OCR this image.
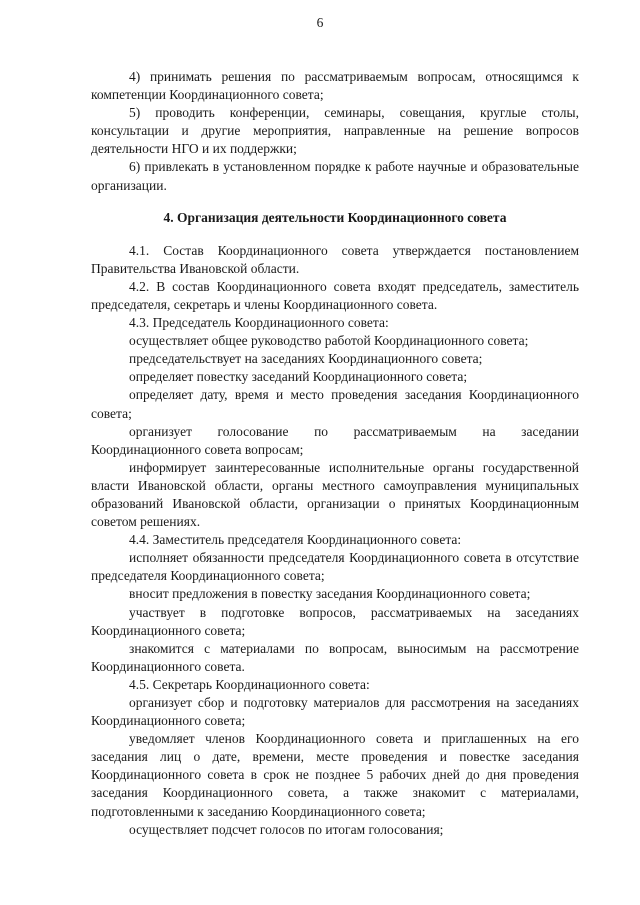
6

4) принимать решения по рассматриваемым вопросам, относящимся к компетенции Координационного совета;

5) проводить конференции, семинары, совещания, круглые столы, консультации и другие мероприятия, направленные на решение вопросов деятельности НГО и их поддержки;

6) привлекать в установленном порядке к работе научные и образовательные организации.

4. Организация деятельности Координационного совета

4.1. Состав Координационного совета утверждается постановлением Правительства Ивановской области.

4.2. В состав Координационного совета входят председатель, заместитель председателя, секретарь и члены Координационного совета.

4.3. Председатель Координационного совета:

осуществляет общее руководство работой Координационного совета;

председательствует на заседаниях Координационного совета;

определяет повестку заседаний Координационного совета;

определяет дату, время и место проведения заседания Координационного совета;

организует голосование по рассматриваемым на заседании Координационного совета вопросам;

информирует заинтересованные исполнительные органы государственной власти Ивановской области, органы местного самоуправления муниципальных образований Ивановской области, организации о принятых Координационным советом решениях.

4.4. Заместитель председателя Координационного совета:

исполняет обязанности председателя Координационного совета в отсутствие председателя Координационного совета;

вносит предложения в повестку заседания Координационного совета;

участвует в подготовке вопросов, рассматриваемых на заседаниях Координационного совета;

знакомится с материалами по вопросам, выносимым на рассмотрение Координационного совета.

4.5. Секретарь Координационного совета:

организует сбор и подготовку материалов для рассмотрения на заседаниях Координационного совета;

уведомляет членов Координационного совета и приглашенных на его заседания лиц о дате, времени, месте проведения и повестке заседания Координационного совета в срок не позднее 5 рабочих дней до дня проведения заседания Координационного совета, а также знакомит с материалами, подготовленными к заседанию Координационного совета;

осуществляет подсчет голосов по итогам голосования;
